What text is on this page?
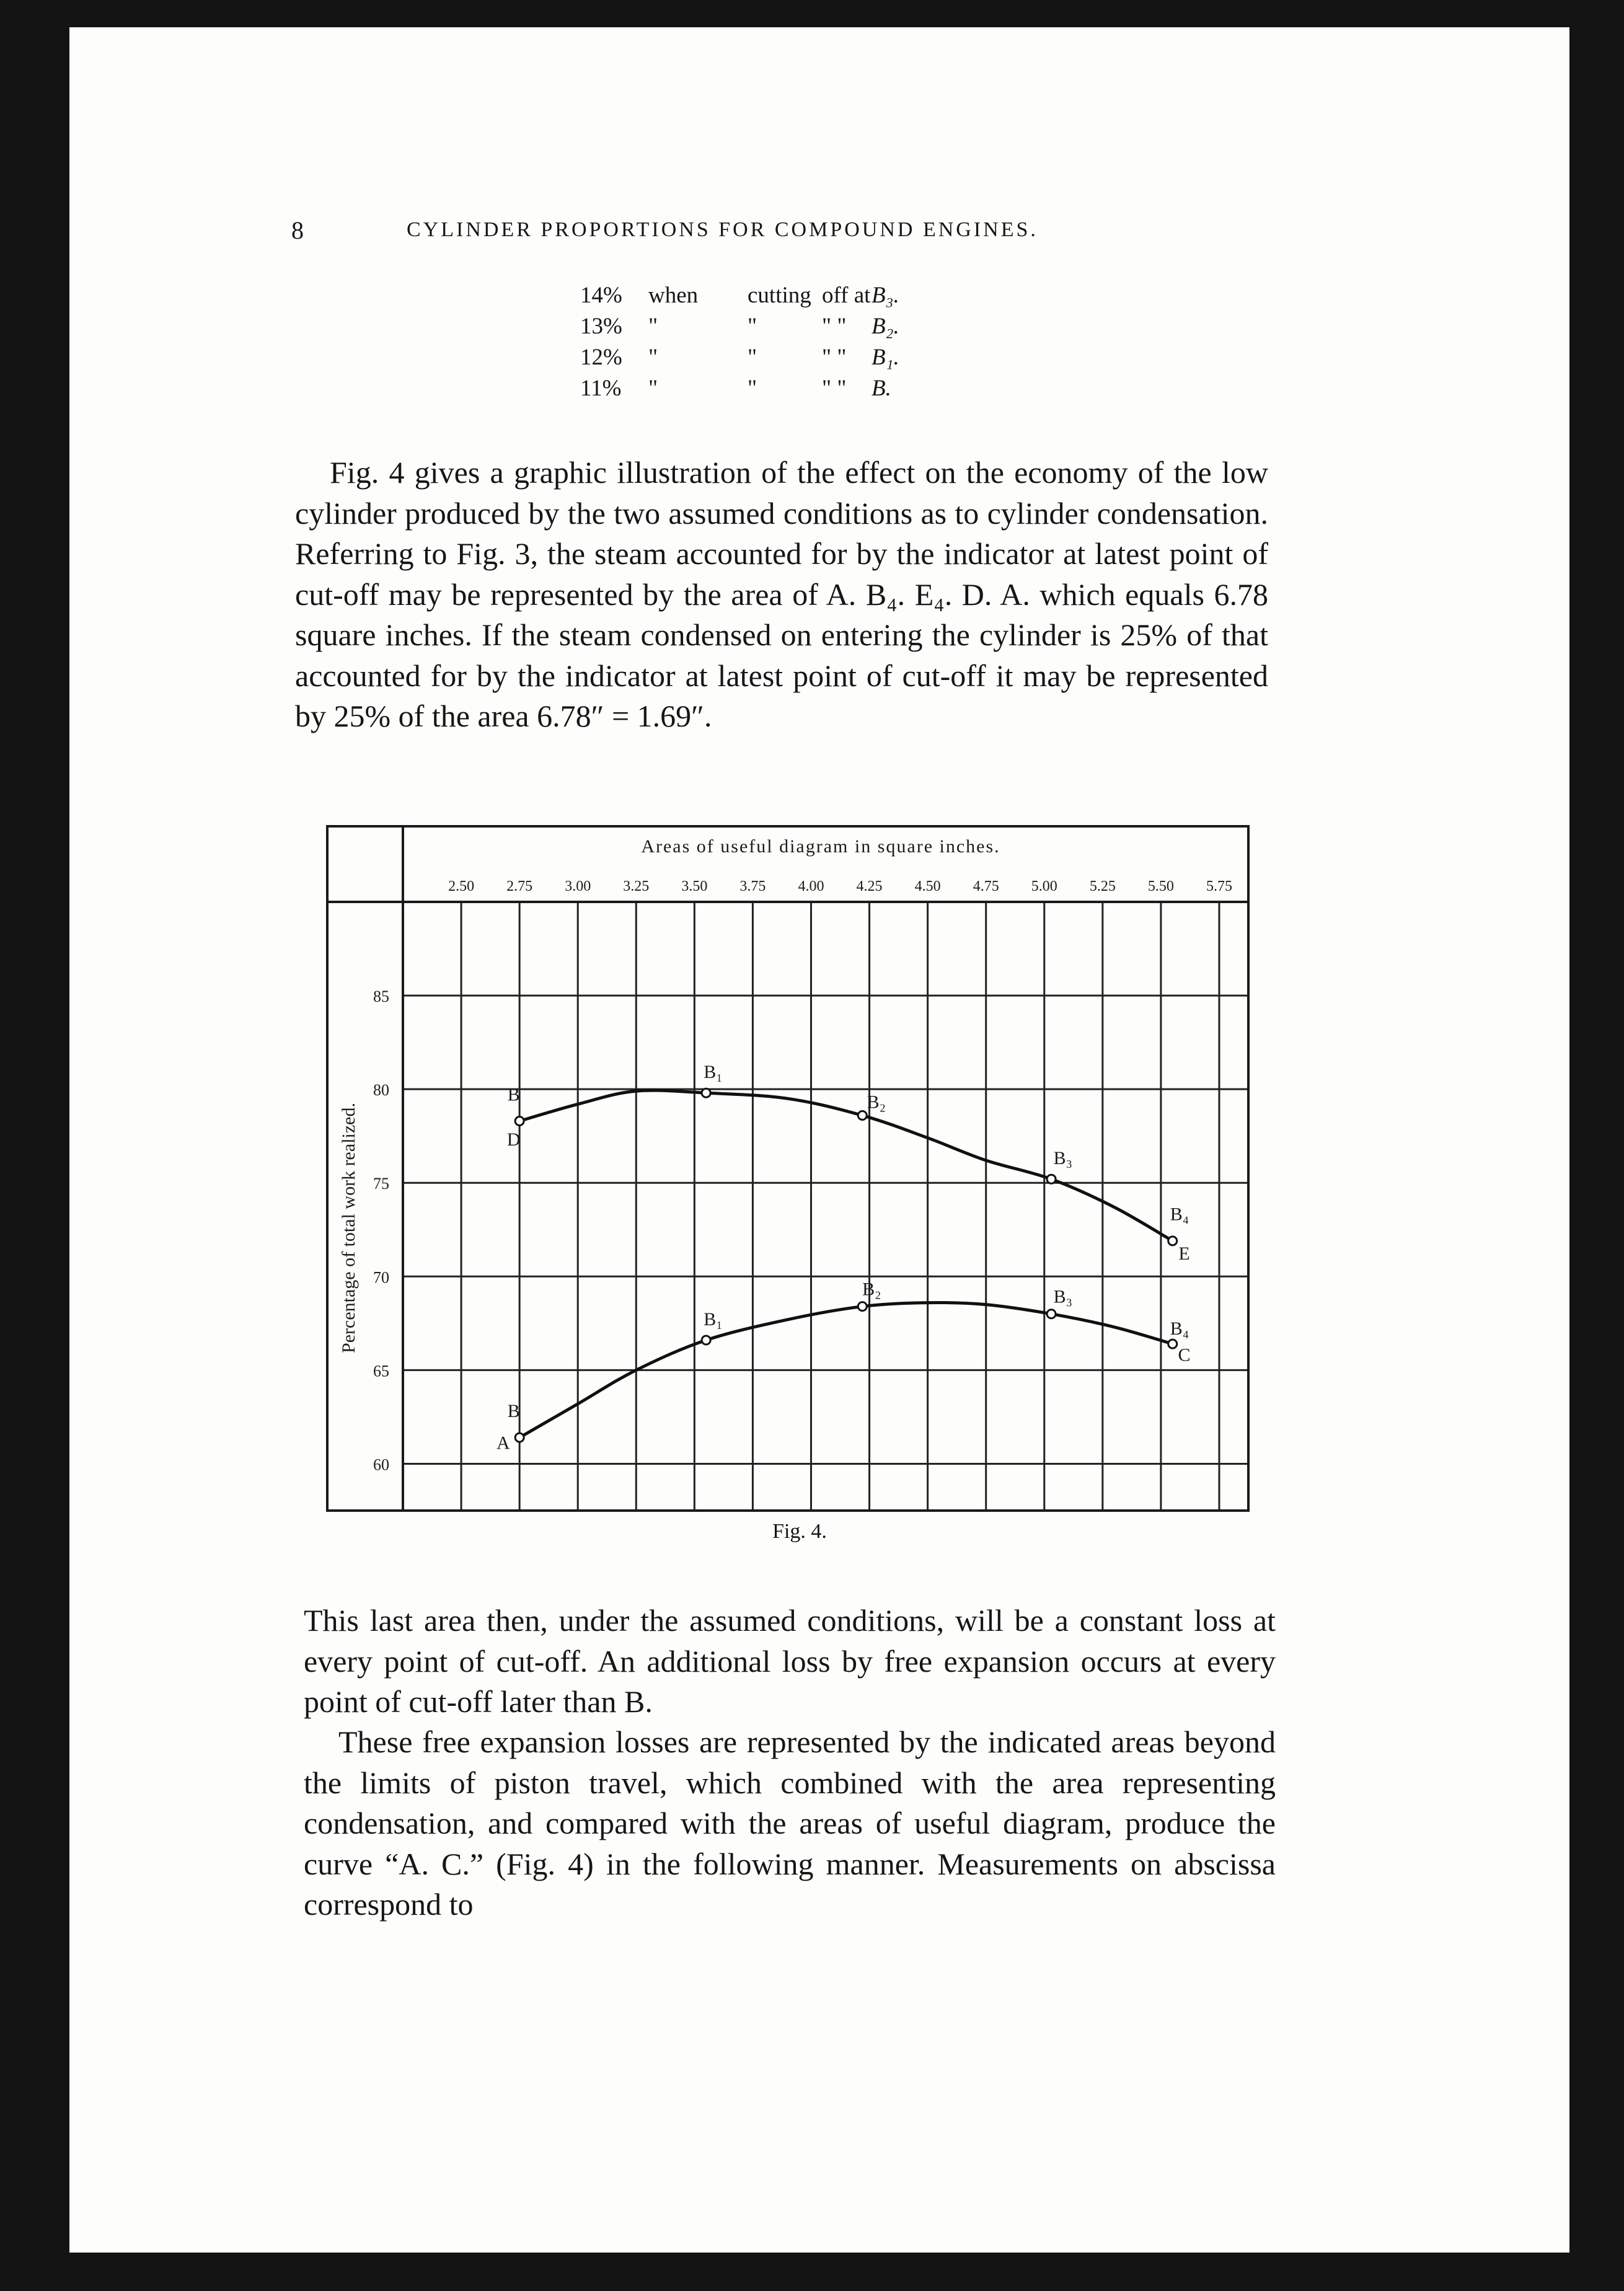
8	CYLINDER PROPORTIONS FOR COMPOUND ENGINES.
14% when cutting off at B₃.
13% "	"	" " B₂.
12% "	"	" " B₁.
11% "	"	" " B.

Fig. 4 gives a graphic illustration of the effect on the economy of the low cylinder produced by the two assumed conditions as to cylinder condensation. Referring to Fig. 3, the steam accounted for by the indicator at latest point of cut-off may be represented by the area of A. B₄. E₄. D. A. which equals 6.78 square inches. If the steam condensed on entering the cylinder is 25% of that accounted for by the indicator at latest point of cut-off it may be represented by 25% of the area 6.78″ = 1.69″.

Areas of useful diagram in square inches.
Percentage of total work realized.
2.50 2.75 3.00 3.25 3.50 3.75 4.00 4.25 4.50 4.75 5.00 5.25 5.50 5.75
85
80
75
70
65
60
B
D
B₁
B₂
B₃
B₄
E
B
A
B₁
B₂	B₃
B₄
C
Fig. 4.

This last area then, under the assumed conditions, will be a constant loss at every point of cut-off. An additional loss by free expansion occurs at every point of cut-off later than B.

These free expansion losses are represented by the indicated areas beyond the limits of piston travel, which combined with the area representing condensation, and compared with the areas of useful diagram, produce the curve “A. C.” (Fig. 4) in the following manner. Measurements on abscissa correspond to
